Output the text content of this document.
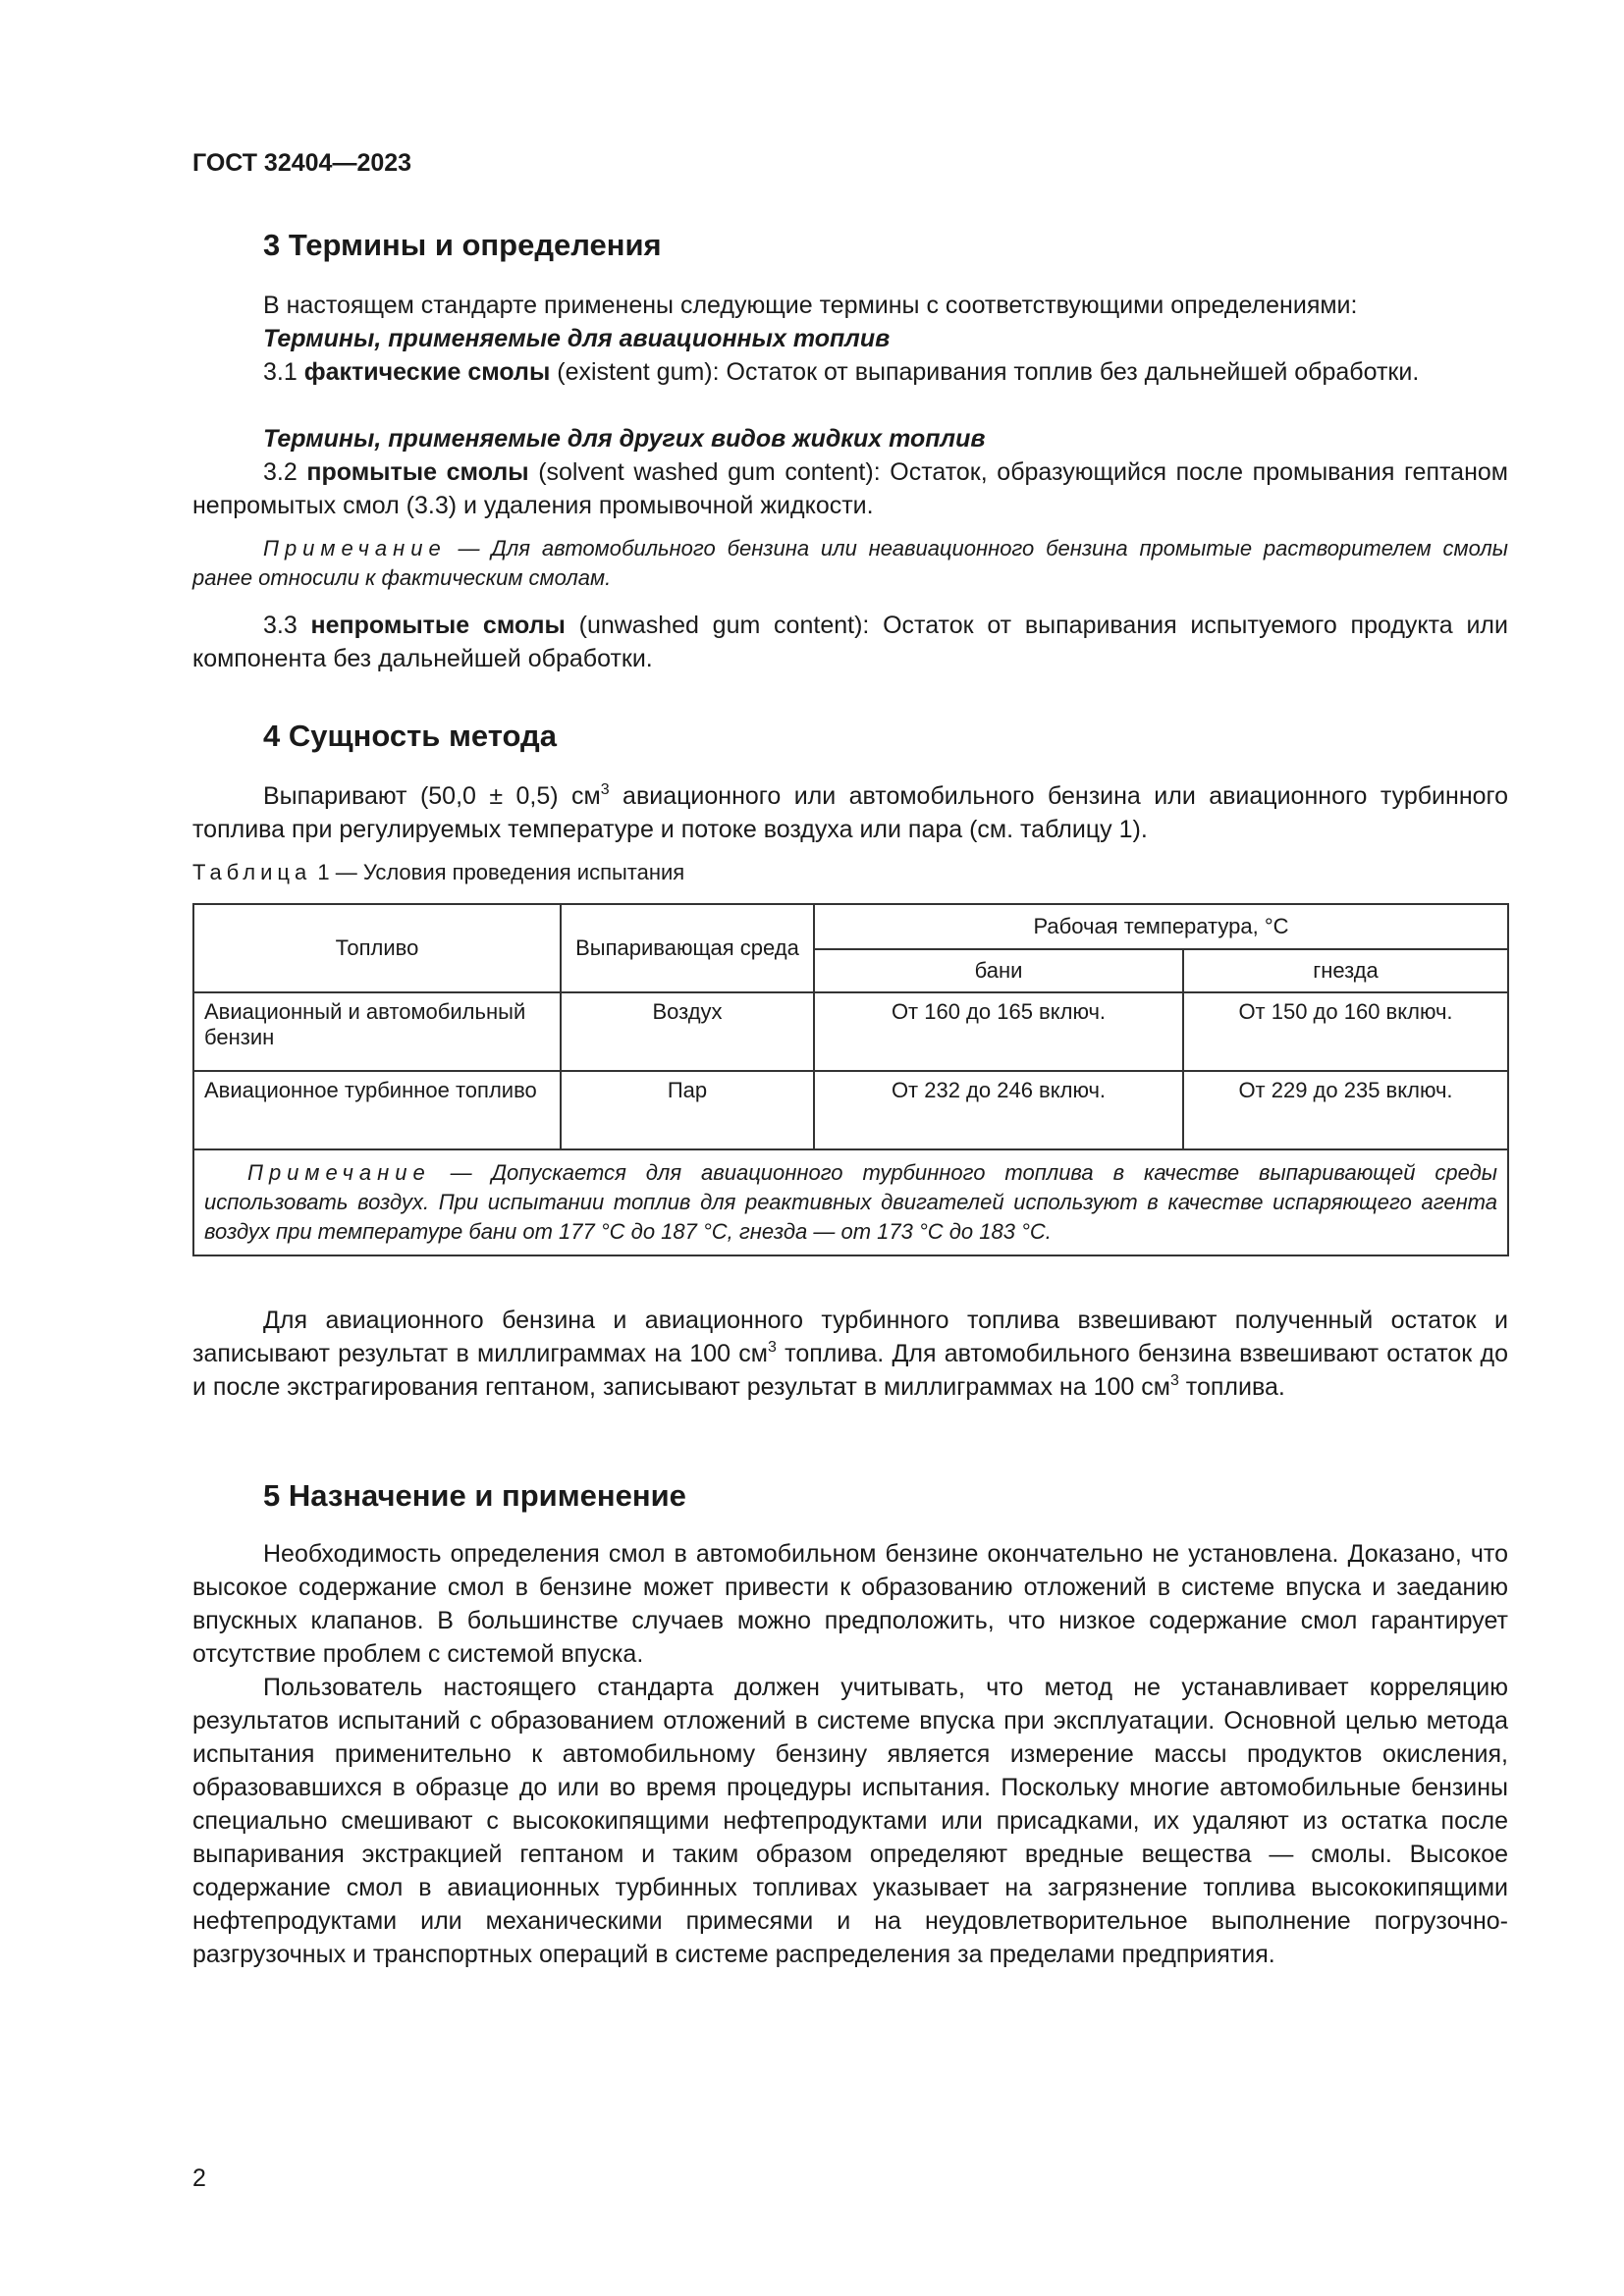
ГОСТ 32404—2023
3 Термины и определения
В настоящем стандарте применены следующие термины с соответствующими определениями:
Термины, применяемые для авиационных топлив
3.1 фактические смолы (existent gum): Остаток от выпаривания топлив без дальнейшей обработки.
Термины, применяемые для других видов жидких топлив
3.2 промытые смолы (solvent washed gum content): Остаток, образующийся после промывания гептаном непромытых смол (3.3) и удаления промывочной жидкости.
Примечание — Для автомобильного бензина или неавиационного бензина промытые растворителем смолы ранее относили к фактическим смолам.
3.3 непромытые смолы (unwashed gum content): Остаток от выпаривания испытуемого продукта или компонента без дальнейшей обработки.
4 Сущность метода
Выпаривают (50,0 ± 0,5) $см^3$ авиационного или автомобильного бензина или авиационного турбинного топлива при регулируемых температуре и потоке воздуха или пара (см. таблицу 1).
Таблица 1 — Условия проведения испытания
Топливо	Выпаривающая среда	Рабочая температура, °С	
		бани	гнезда
Авиационный и автомобильный бензин	Воздух	От 160 до 165 включ.	От 150 до 160 включ.
Авиационное турбинное топливо	Пар	От 232 до 246 включ.	От 229 до 235 включ.
Примечание — Допускается для авиационного турбинного топлива в качестве выпаривающей среды использовать воздух. При испытании топлив для реактивных двигателей используют в качестве испаряющего агента воздух при температуре бани от 177 °С до 187 °С, гнезда — от 173 °С до 183 °С.			
Для авиационного бензина и авиационного турбинного топлива взвешивают полученный остаток и записывают результат в миллиграммах на 100 $см^3$ топлива. Для автомобильного бензина взвешивают остаток до и после экстрагирования гептаном, записывают результат в миллиграммах на 100 $см^3$ топлива.
5 Назначение и применение
Необходимость определения смол в автомобильном бензине окончательно не установлена. Доказано, что высокое содержание смол в бензине может привести к образованию отложений в системе впуска и заеданию впускных клапанов. В большинстве случаев можно предположить, что низкое содержание смол гарантирует отсутствие проблем с системой впуска.
Пользователь настоящего стандарта должен учитывать, что метод не устанавливает корреляцию результатов испытаний с образованием отложений в системе впуска при эксплуатации. Основной целью метода испытания применительно к автомобильному бензину является измерение массы продуктов окисления, образовавшихся в образце до или во время процедуры испытания. Поскольку многие автомобильные бензины специально смешивают с высококипящими нефтепродуктами или присадками, их удаляют из остатка после выпаривания экстракцией гептаном и таким образом определяют вредные вещества — смолы. Высокое содержание смол в авиационных турбинных топливах указывает на загрязнение топлива высококипящими нефтепродуктами или механическими примесями и на неудовлетворительное выполнение погрузочно-разгрузочных и транспортных операций в системе распределения за пределами предприятия.
2
